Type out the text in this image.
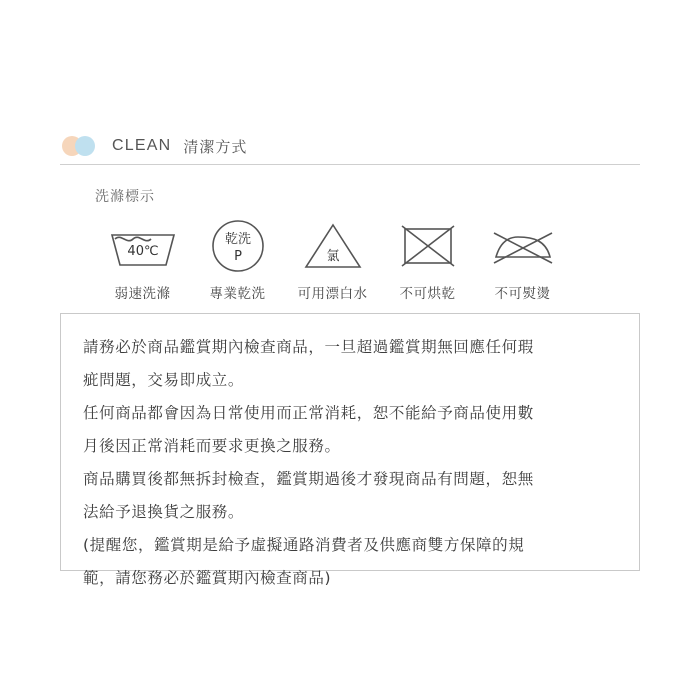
CLEAN 清潔方式
洗滌標示
40℃
弱速洗滌
乾洗
P
專業乾洗
氯
可用漂白水 不可烘乾	不可熨燙

請務必於商品鑑賞期內檢查商品，一旦超過鑑賞期無回應任何瑕

疵問題，交易即成立。

任何商品都會因為日常使用而正常消耗，恕不能給予商品使用數

月後因正常消耗而要求更換之服務。

商品購買後都無拆封檢查，鑑賞期過後才發現商品有問題，恕無

法給予退換貨之服務。

(提醒您，鑑賞期是給予虛擬通路消費者及供應商雙方保障的規

範，請您務必於鑑賞期內檢查商品)
